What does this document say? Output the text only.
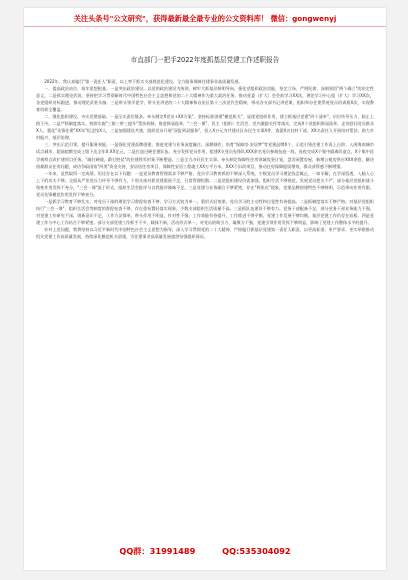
关注头条号"公文研究"，获得最新最全最专业的公文资料库！ 微信：gongwenyj
市直部门一把手2022年度抓基层党建工作述职报告

2022年，我认真履行"第一责任人"职责，以上率下抓实支部规范化建设，全力服务保障住建事业高质量发展。

一、提高政治站位，筑牢思想根基。一是突出政治建设。以党的政治建设为统领，树牢大抓基层鲜明导向，强化党组织政治功能，坚定立场、严明纪律，深刻领悟"两个确立"的决定性意义，二是抓实理论武装。坚持把学习贯彻新时代中国特色社会主义思想和党的二十大精神作为重大政治任务，推动党委（扩大）会会前学习XX次，理论学习中心组（扩大）学习XX次，各党组织对标跟进，推动理论武装头脑。三是带头领学促学，带头宣讲党的二十大精神和自治区第十三次党代会精神，带动各支部书记讲党课，组织举办住建系统党员培训班X次，实现教育培训全覆盖。

二、强化组织建设，夯实党建基础。一是压实责任链条。牵头制定X党员+XX方案"，坚持标准创建"模范机关"，显现党组织作用，建立抓基层党建"四个清单"，层层传导压力，防止上热下冷。二是严抓制度落实。持续实施"三联三带三提升"帮扶机制，推进换届选举，"三会一课"，民主（组织）生活会、党内激励关怀等落实，完成X个党组织换届选举，走访慰问党员群众X人。强化"先锋住建"XX年"纪念馆X人，三是加强建设共建，组织党员开展"双报到双服务"，投入X万元为共建社区办民生实事X件，选派X名挂村干部，XX名责任人开展结对帮扶，助力乡村振兴、基层治理。

三、突出示范引领，提升服务效能。一是强化党建品牌创建，推进党建与业务深度融合，深耕细作，培育"保障房·安居梦"等党建品牌X个，示范引领住建工作再上台阶；入围海南城市试点城市，超前超额完成上级下达全年X.XX亿元，二是打造过硬住建队伍。充分发挥党员作用，组建X支党员先锋队XXX余名党员参战抗疫一线，连夜完成X个集中隔离改造点，X个集中医学观察点改扩建项目任务。"疏打硬战，敢打胜仗"的住建铁军形象不断塑造。三是全力办好民生实事。牵头制定保障性住房领域攻坚计划，盘活闲置房屋，新增公租房供应XXX余套，解决困难群众住房问题，成功争取国家"四类"资金支持，安居房住房项目，保障性安居工程竣工XX万平方米，XXX个旧改项目，推动住房保障提质增效，群众获得感不断增强。

一年来，虽然取得一定成绩，但还存在以下问题：一是党员教育管理需求不够严格，党员学习教育抓的不够深入系统，少数党员学习理论浅尝辄止，一知半解，在学深悟透、入脑入心上下的功夫不够。全面从严治党压力传导不够有力，个别支部对抓党建重视不足，日常管理松散。二是党组织建设仍需加强，组织生活不够规范，发展党员把关不严，部分基层党组织战斗堡垒作用发挥不充分，"三会一课"流于形式，组织生活会批评与自我批评辣味不足。三是党建与业务融合不够紧密，存在"两张皮"现象，党建品牌创建特色不够鲜明，示范带动作用有限，党员先锋模范作用发挥不够充分。

一是抓学习教育不够扎实。对党员干部的理论学习督促检查不够，学习方式较为单一，重形式轻效果，党员学习的主动性和自觉性有待提高。二是抓制度落实不够严格。对基层党组织执行"三会一课"、组织生活会等制度的督促检查不够，存在重布置轻落实现象，少数支部组织生活质量不高。三是抓队伍建设不够有力。党务干部配备不足，部分党务干部业务能力不强，对党建工作研究不深，创新意识不足，工作方法简单，带头作用不明显，针对性不强，工作效能有待提升，工作推进不够平衡，党建工作发展不够均衡，基层党建工作仍存在短板。四是党建工作与中心工作结合不够紧密。部分支部党建工作抓手不多，载体不新，活动形式单一，对党员的吸引力、凝聚力不强，党建引领作用发挥不够明显，影响了党建工作整体水平的提升。

针对上述问题，我将坚持以习近平新时代中国特色社会主义思想为指导，深入学习贯彻党的二十大精神，严格履行抓基层党建第一责任人职责，以更高标准、更严要求、更实举措推动机关党建工作高质量发展，持续深化模范机关创建，为住建事业高质量发展提供坚强组织保证。

QQ群：31991489	QQ:535304092
